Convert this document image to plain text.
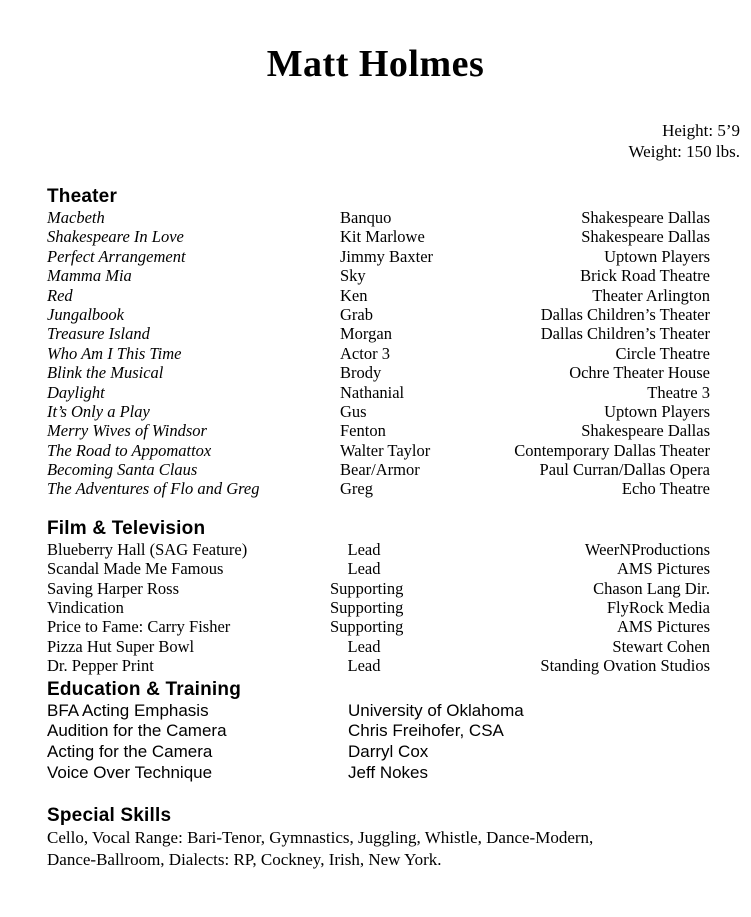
Matt Holmes
Height: 5’9
Weight: 150 lbs.
Theater
Macbeth	Banquo	Shakespeare Dallas
Shakespeare In Love	Kit Marlowe	Shakespeare Dallas
Perfect Arrangement	Jimmy Baxter	Uptown Players
Mamma Mia	Sky	Brick Road Theatre
Red	Ken	Theater Arlington
Jungalbook	Grab	Dallas Children’s Theater
Treasure Island	Morgan	Dallas Children’s Theater
Who Am I This Time	Actor 3	Circle Theatre
Blink the Musical	Brody	Ochre Theater House
Daylight	Nathanial	Theatre 3
It’s Only a Play	Gus	Uptown Players
Merry Wives of Windsor	Fenton	Shakespeare Dallas
The Road to Appomattox	Walter Taylor	Contemporary Dallas Theater
Becoming Santa Claus	Bear/Armor	Paul Curran/Dallas Opera
The Adventures of Flo and Greg	Greg	Echo Theatre
Film & Television
Blueberry Hall (SAG Feature)	Lead	WeerNProductions
Scandal Made Me Famous	Lead	AMS Pictures
Saving Harper Ross	Supporting	Chason Lang Dir.
Vindication	Supporting	FlyRock Media
Price to Fame: Carry Fisher	Supporting	AMS Pictures
Pizza Hut Super Bowl	Lead	Stewart Cohen
Dr. Pepper Print	Lead	Standing Ovation Studios
Education & Training
BFA Acting Emphasis	University of Oklahoma
Audition for the Camera	Chris Freihofer, CSA
Acting for the Camera	Darryl Cox
Voice Over Technique	Jeff Nokes
Special Skills
Cello, Vocal Range: Bari-Tenor, Gymnastics, Juggling, Whistle, Dance-Modern,
Dance-Ballroom, Dialects: RP, Cockney, Irish, New York.
